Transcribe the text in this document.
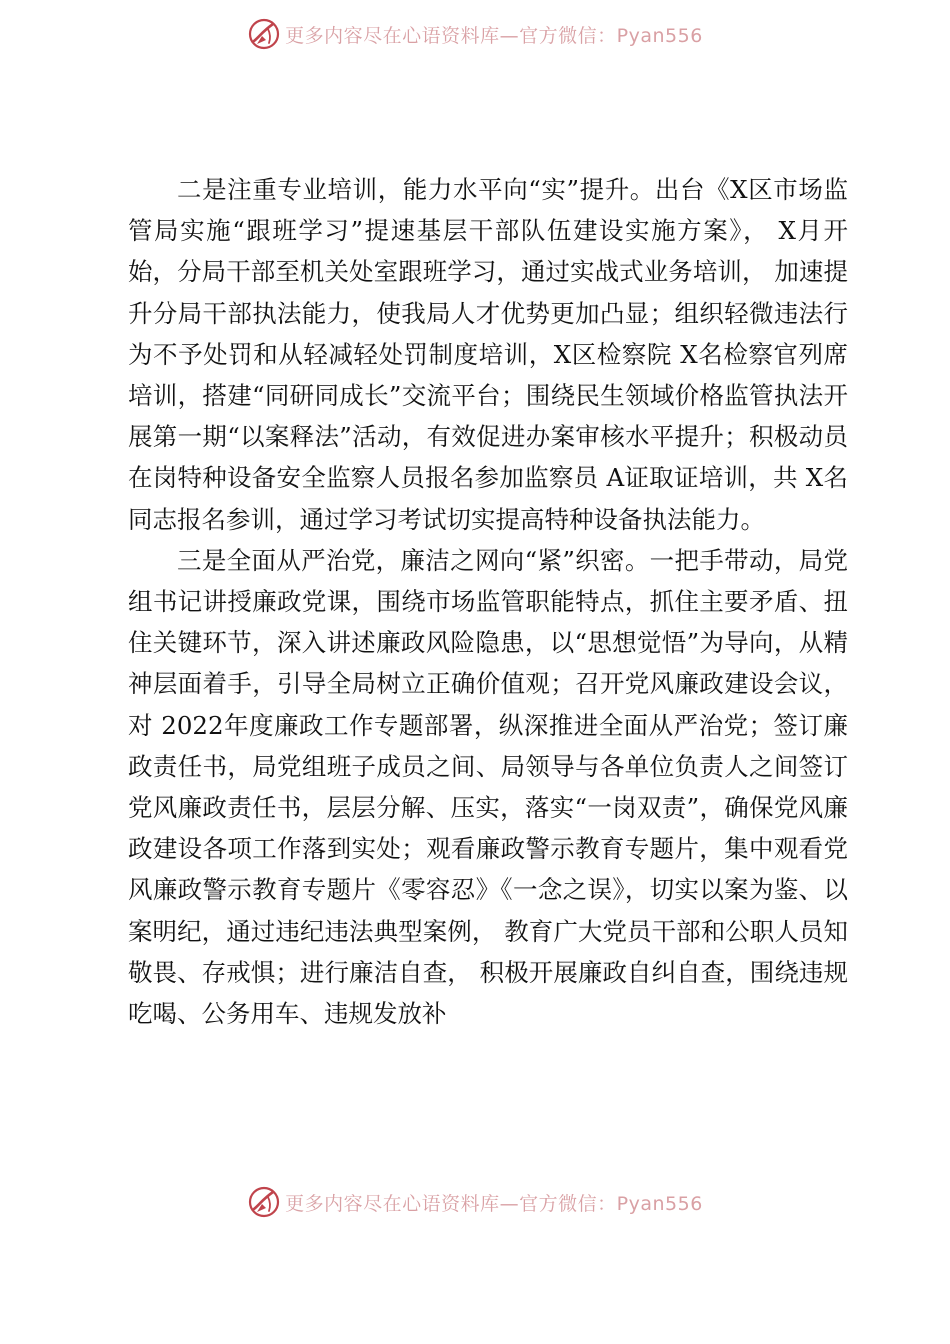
更多内容尽在心语资料库—官方微信：Pyan556

二是注重专业培训，能力水平向“实”提升。出台《X区市场监管局实施“跟班学习”提速基层干部队伍建设实施方案》， X月开始，分局干部至机关处室跟班学习，通过实战式业务培训， 加速提升分局干部执法能力，使我局人才优势更加凸显；组织轻微违法行为不予处罚和从轻减轻处罚制度培训，X区检察院 X名检察官列席培训，搭建“同研同成长”交流平台；围绕民生领域价格监管执法开展第一期“以案释法”活动，有效促进办案审核水平提升；积极动员在岗特种设备安全监察人员报名参加监察员 A证取证培训，共 X名同志报名参训，通过学习考试切实提高特种设备执法能力。

三是全面从严治党，廉洁之网向“紧”织密。一把手带动，局党组书记讲授廉政党课，围绕市场监管职能特点，抓住主要矛盾、扭住关键环节，深入讲述廉政风险隐患，以“思想觉悟”为导向，从精神层面着手，引导全局树立正确价值观；召开党风廉政建设会议，对 2022年度廉政工作专题部署，纵深推进全面从严治党；签订廉政责任书，局党组班子成员之间、局领导与各单位负责人之间签订党风廉政责任书，层层分解、压实，落实“一岗双责”，确保党风廉政建设各项工作落到实处；观看廉政警示教育专题片，集中观看党风廉政警示教育专题片《零容忍》《一念之误》，切实以案为鉴、以案明纪，通过违纪违法典型案例， 教育广大党员干部和公职人员知敬畏、存戒惧；进行廉洁自查， 积极开展廉政自纠自查，围绕违规吃喝、公务用车、违规发放补

更多内容尽在心语资料库—官方微信：Pyan556
